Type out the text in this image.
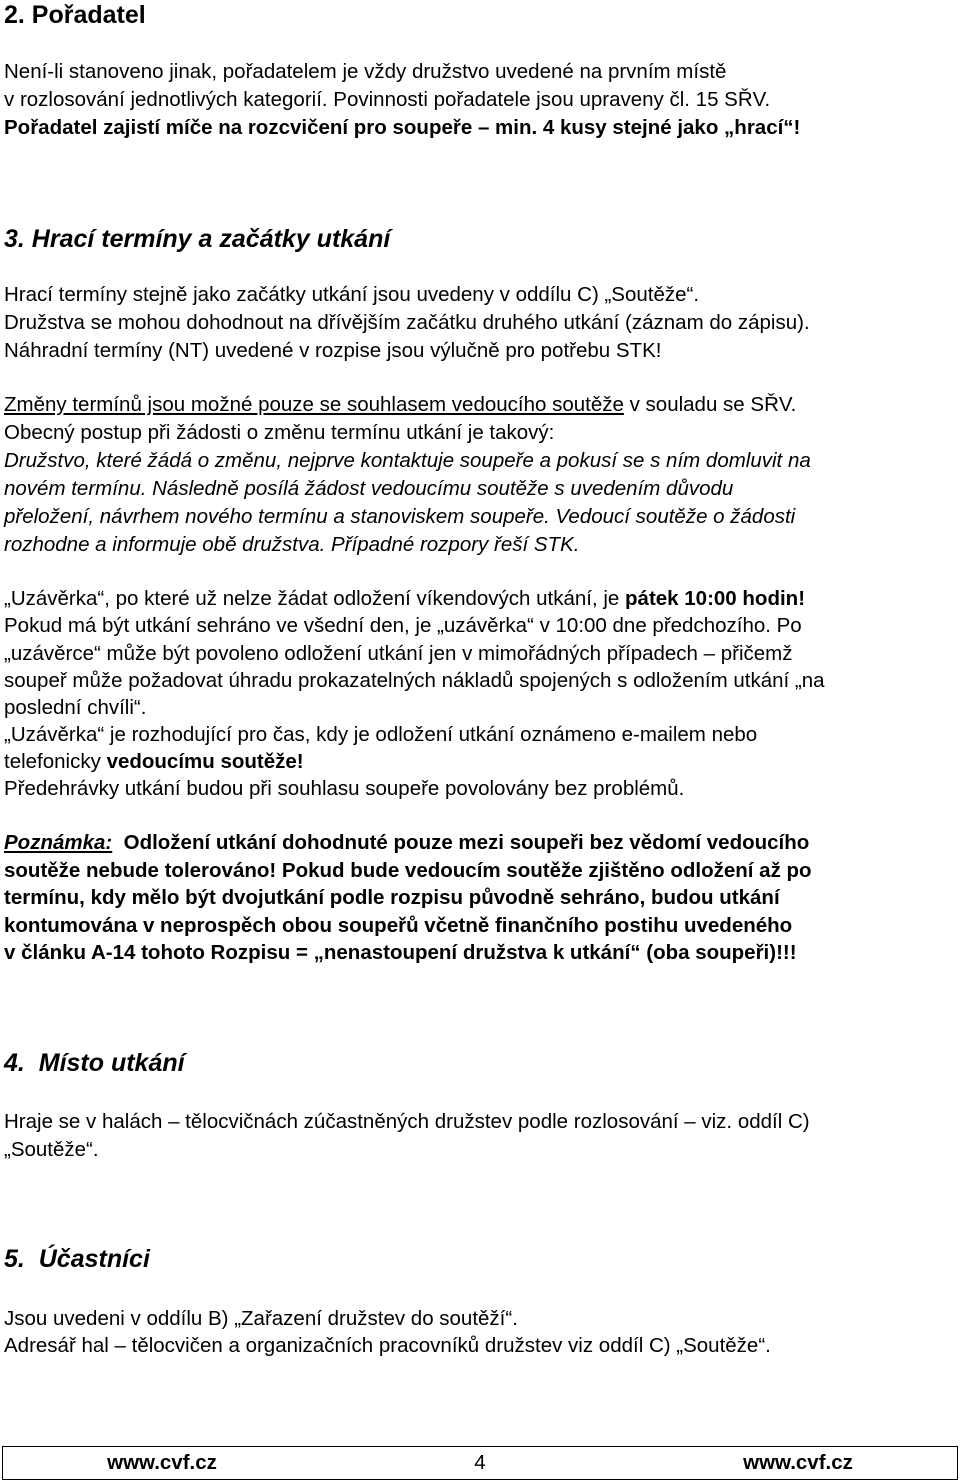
2. Pořadatel

Není-li stanoveno jinak, pořadatelem je vždy družstvo uvedené na prvním místě

v rozlosování jednotlivých kategorií. Povinnosti pořadatele jsou upraveny čl. 15 SŘV.

Pořadatel zajistí míče na rozcvičení pro soupeře – min. 4 kusy stejné jako „hrací“!

3. Hrací termíny a začátky utkání

Hrací termíny stejně jako začátky utkání jsou uvedeny v oddílu C) „Soutěže“.

Družstva se mohou dohodnout na dřívějším začátku druhého utkání (záznam do zápisu).

Náhradní termíny (NT) uvedené v rozpise jsou výlučně pro potřebu STK!

Změny termínů jsou možné pouze se souhlasem vedoucího soutěže v souladu se SŘV.

Obecný postup při žádosti o změnu termínu utkání je takový:

Družstvo, které žádá o změnu, nejprve kontaktuje soupeře a pokusí se s ním domluvit na

novém termínu. Následně posílá žádost vedoucímu soutěže s uvedením důvodu

přeložení, návrhem nového termínu a stanoviskem soupeře. Vedoucí soutěže o žádosti

rozhodne a informuje obě družstva. Případné rozpory řeší STK.

„Uzávěrka“, po které už nelze žádat odložení víkendových utkání, je pátek 10:00 hodin!

Pokud má být utkání sehráno ve všední den, je „uzávěrka“ v 10:00 dne předchozího. Po

„uzávěrce“ může být povoleno odložení utkání jen v mimořádných případech – přičemž

soupeř může požadovat úhradu prokazatelných nákladů spojených s odložením utkání „na

poslední chvíli“.

„Uzávěrka“ je rozhodující pro čas, kdy je odložení utkání oznámeno e-mailem nebo

telefonicky vedoucímu soutěže!

Předehrávky utkání budou při souhlasu soupeře povolovány bez problémů.

Poznámka:  Odložení utkání dohodnuté pouze mezi soupeři bez vědomí vedoucího

soutěže nebude tolerováno! Pokud bude vedoucím soutěže zjištěno odložení až po

termínu, kdy mělo být dvojutkání podle rozpisu původně sehráno, budou utkání

kontumována v neprospěch obou soupeřů včetně finančního postihu uvedeného

v článku A-14 tohoto Rozpisu = „nenastoupení družstva k utkání“ (oba soupeři)!!!

4.  Místo utkání

Hraje se v halách – tělocvičnách zúčastněných družstev podle rozlosování – viz. oddíl C)

„Soutěže“.

5.  Účastníci

Jsou uvedeni v oddílu B) „Zařazení družstev do soutěží“.

Adresář hal – tělocvičen a organizačních pracovníků družstev viz oddíl C) „Soutěže“.

www.cvf.cz	4	www.cvf.cz
